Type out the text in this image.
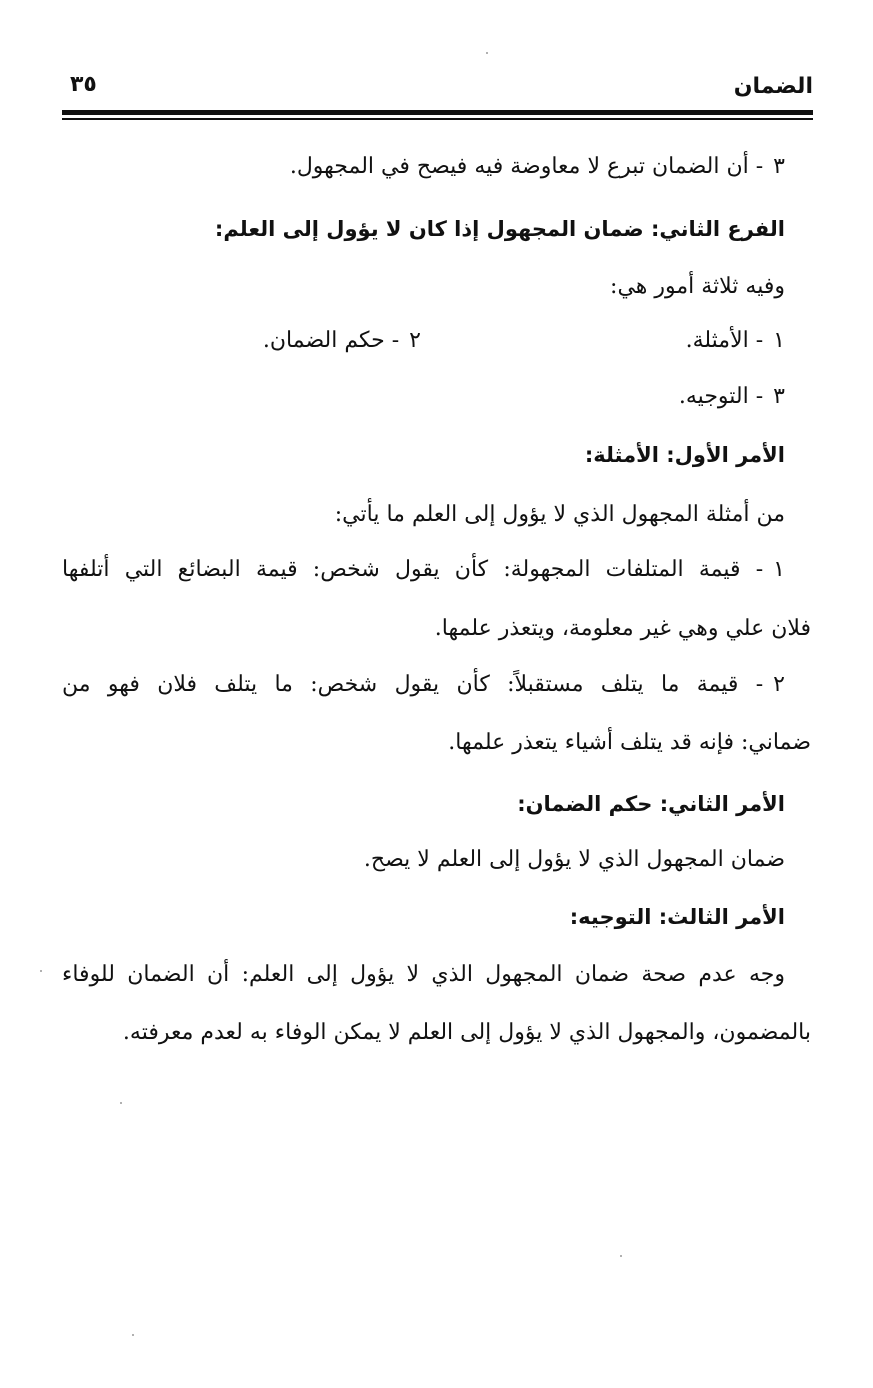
الضمان
٣٥
٣- أن الضمان تبرع لا معاوضة فيه فيصح في المجهول.
الفرع الثاني: ضمان المجهول إذا كان لا يؤول إلى العلم:
وفيه ثلاثة أمور هي:
١- الأمثلة.
٢- حكم الضمان.
٣- التوجيه.
الأمر الأول: الأمثلة:
من أمثلة المجهول الذي لا يؤول إلى العلم ما يأتي:
١- قيمة المتلفات المجهولة: كأن يقول شخص: قيمة البضائع التي أتلفها
فلان علي وهي غير معلومة، ويتعذر علمها.
٢- قيمة ما يتلف مستقبلاً: كأن يقول شخص: ما يتلف فلان فهو من
ضماني: فإنه قد يتلف أشياء يتعذر علمها.
الأمر الثاني: حكم الضمان:
ضمان المجهول الذي لا يؤول إلى العلم لا يصح.
الأمر الثالث: التوجيه:
وجه عدم صحة ضمان المجهول الذي لا يؤول إلى العلم: أن الضمان للوفاء
بالمضمون، والمجهول الذي لا يؤول إلى العلم لا يمكن الوفاء به لعدم معرفته.
